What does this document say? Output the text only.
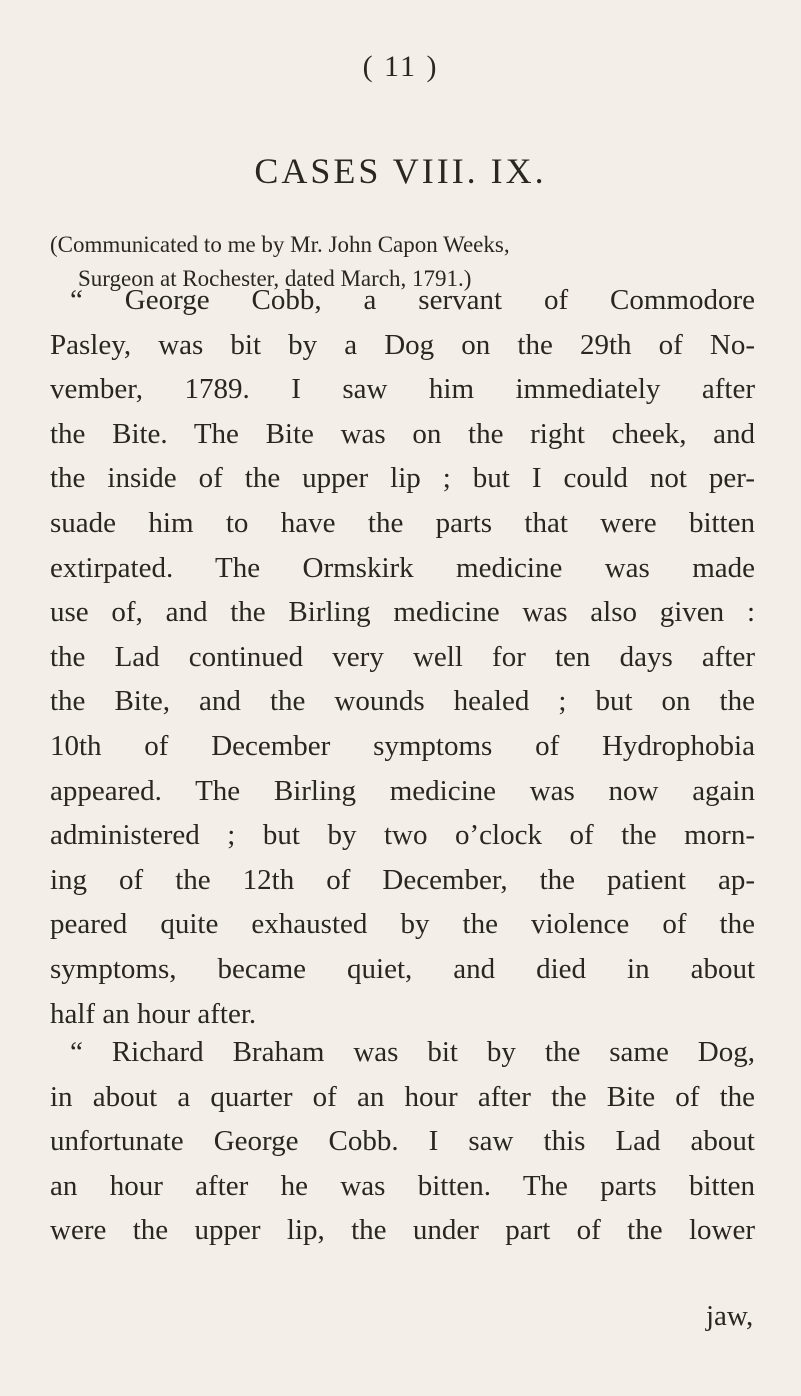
( 11 )
CASES VIII. IX.
(Communicated to me by Mr. John Capon Weeks,
Surgeon at Rochester, dated March, 1791.)
“ George Cobb, a servant of Commodore
Pasley, was bit by a Dog on the 29th of No-
vember, 1789. I saw him immediately after
the Bite. The Bite was on the right cheek, and
the inside of the upper lip ; but I could not per-
suade him to have the parts that were bitten
extirpated. The Ormskirk medicine was made
use of, and the Birling medicine was also given :
the Lad continued very well for ten days after
the Bite, and the wounds healed ; but on the
10th of December symptoms of Hydrophobia
appeared. The Birling medicine was now again
administered ; but by two o’clock of the morn-
ing of the 12th of December, the patient ap-
peared quite exhausted by the violence of the
symptoms, became quiet, and died in about
half an hour after.
“ Richard Braham was bit by the same Dog,
in about a quarter of an hour after the Bite of the
unfortunate George Cobb. I saw this Lad about
an hour after he was bitten. The parts bitten
were the upper lip, the under part of the lower
jaw,
